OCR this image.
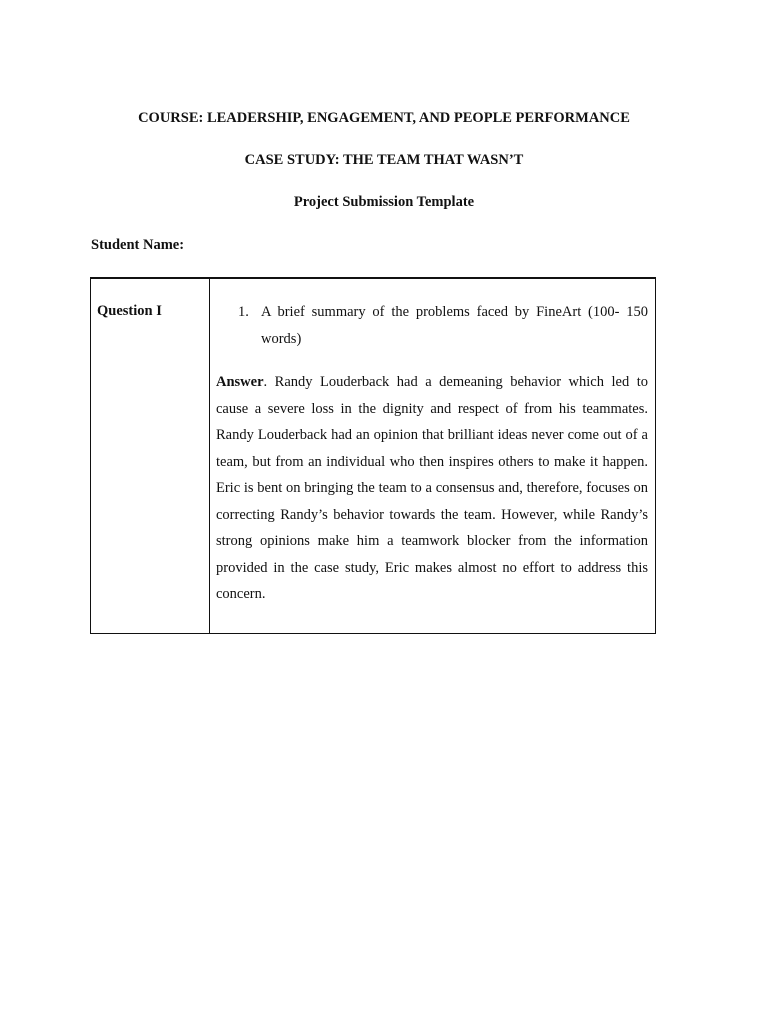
COURSE: LEADERSHIP, ENGAGEMENT, AND PEOPLE PERFORMANCE
CASE STUDY: THE TEAM THAT WASN’T
Project Submission Template
Student Name:
Question I	1. A brief summary of the problems faced by FineArt (100- 150 words)

Answer. Randy Louderback had a demeaning behavior which led to cause a severe loss in the dignity and respect of from his teammates. Randy Louderback had an opinion that brilliant ideas never come out of a team, but from an individual who then inspires others to make it happen. Eric is bent on bringing the team to a consensus and, therefore, focuses on correcting Randy’s behavior towards the team. However, while Randy’s strong opinions make him a teamwork blocker from the information provided in the case study, Eric makes almost no effort to address this concern.
